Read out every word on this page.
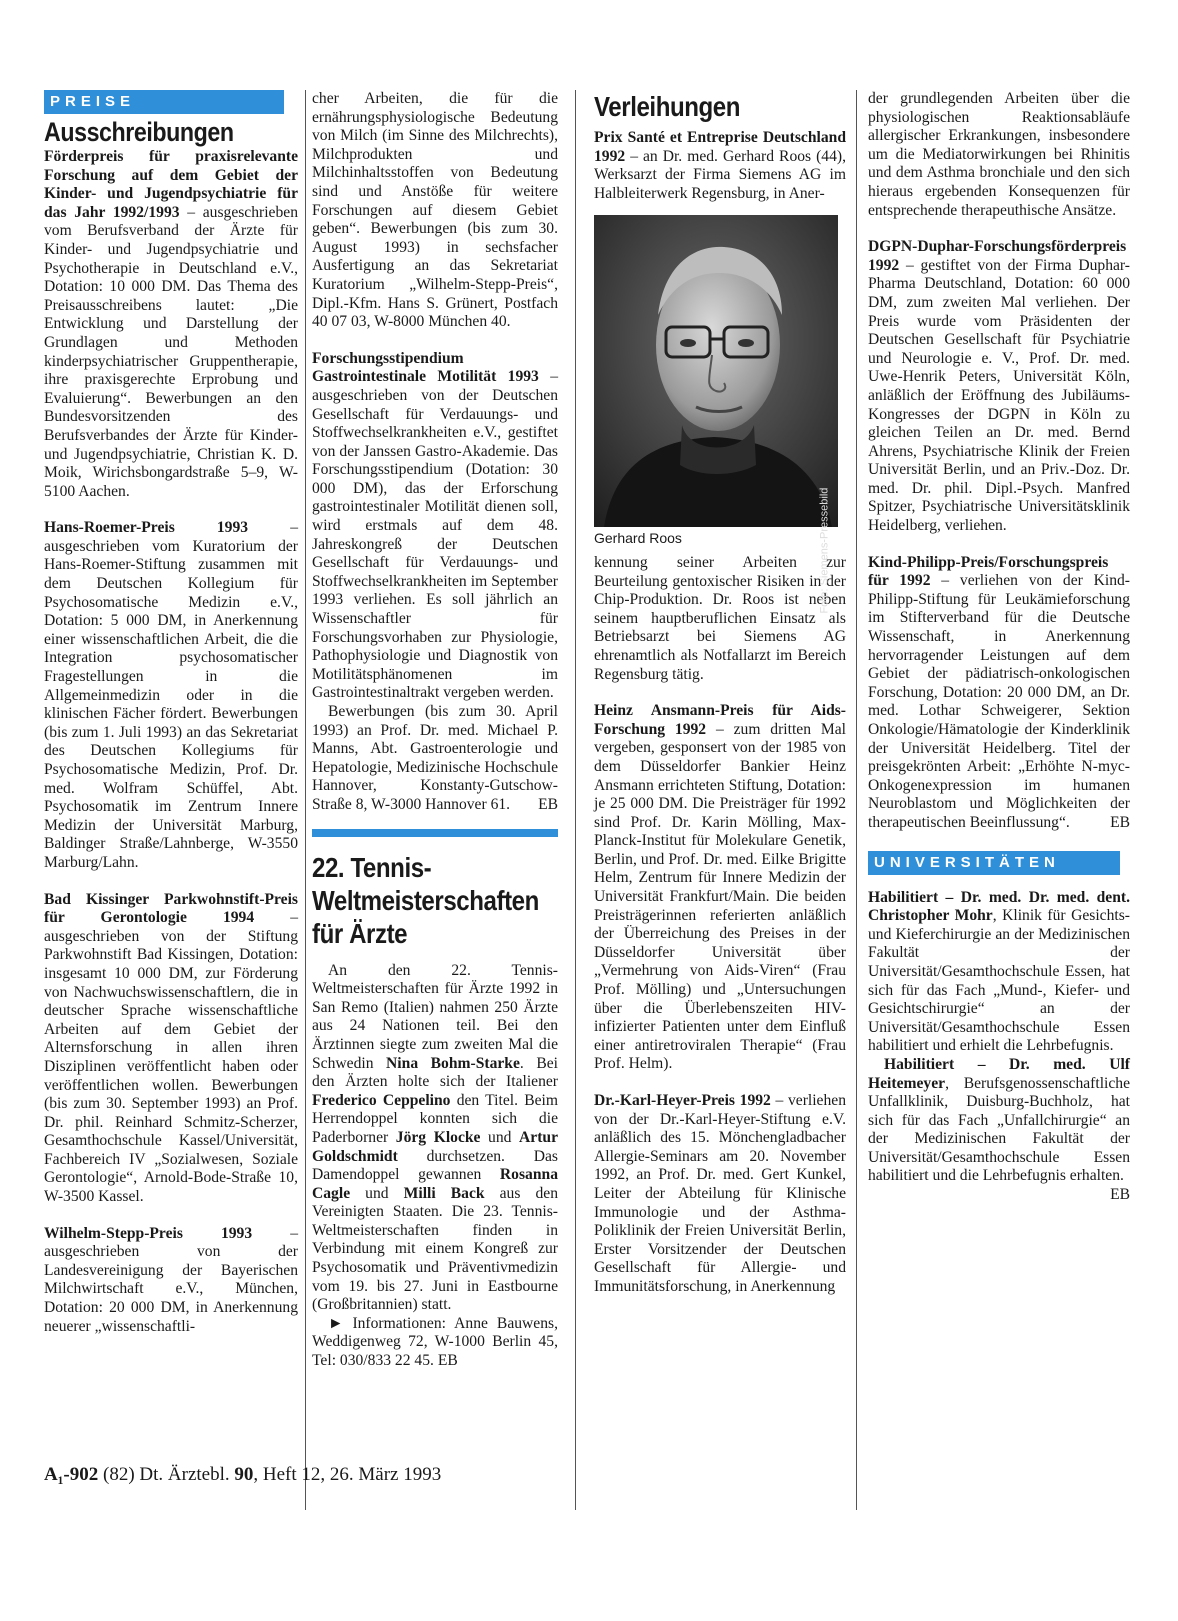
PREISE
Ausschreibungen

Förderpreis für praxisrelevante Forschung auf dem Gebiet der Kinder- und Jugendpsychiatrie für das Jahr 1992/1993 – ausgeschrieben vom Berufsverband der Ärzte für Kinder- und Jugendpsychiatrie und Psychotherapie in Deutschland e.V., Dotation: 10 000 DM. Das Thema des Preisausschreibens lautet: „Die Entwicklung und Darstellung der Grundlagen und Methoden kinderpsychiatrischer Gruppentherapie, ihre praxisgerechte Erprobung und Evaluierung“. Bewerbungen an den Bundesvorsitzenden des Berufsverbandes der Ärzte für Kinder- und Jugendpsychiatrie, Christian K. D. Moik, Wirichsbongardstraße 5–9, W-5100 Aachen.

Hans-Roemer-Preis 1993 – ausgeschrieben vom Kuratorium der Hans-Roemer-Stiftung zusammen mit dem Deutschen Kollegium für Psychosomatische Medizin e.V., Dotation: 5 000 DM, in Anerkennung einer wissenschaftlichen Arbeit, die die Integration psychosomatischer Fragestellungen in die Allgemeinmedizin oder in die klinischen Fächer fördert. Bewerbungen (bis zum 1. Juli 1993) an das Sekretariat des Deutschen Kollegiums für Psychosomatische Medizin, Prof. Dr. med. Wolfram Schüffel, Abt. Psychosomatik im Zentrum Innere Medizin der Universität Marburg, Baldinger Straße/Lahnberge, W-3550 Marburg/Lahn.

Bad Kissinger Parkwohnstift-Preis für Gerontologie 1994 – ausgeschrieben von der Stiftung Parkwohnstift Bad Kissingen, Dotation: insgesamt 10 000 DM, zur Förderung von Nachwuchswissenschaftlern, die in deutscher Sprache wissenschaftliche Arbeiten auf dem Gebiet der Alternsforschung in allen ihren Disziplinen veröffentlicht haben oder veröffentlichen wollen. Bewerbungen (bis zum 30. September 1993) an Prof. Dr. phil. Reinhard Schmitz-Scherzer, Gesamthochschule Kassel/Universität, Fachbereich IV „Sozialwesen, Soziale Gerontologie“, Arnold-Bode-Straße 10, W-3500 Kassel.

Wilhelm-Stepp-Preis 1993 – ausgeschrieben von der Landesvereinigung der Bayerischen Milchwirtschaft e.V., München, Dotation: 20 000 DM, in Anerkennung neuerer „wissenschaftli-

cher Arbeiten, die für die ernährungsphysiologische Bedeutung von Milch (im Sinne des Milchrechts), Milchprodukten und Milchinhaltsstoffen von Bedeutung sind und Anstöße für weitere Forschungen auf diesem Gebiet geben“. Bewerbungen (bis zum 30. August 1993) in sechsfacher Ausfertigung an das Sekretariat Kuratorium „Wilhelm-Stepp-Preis“, Dipl.-Kfm. Hans S. Grünert, Postfach 40 07 03, W-8000 München 40.

Forschungsstipendium Gastrointestinale Motilität 1993 – ausgeschrieben von der Deutschen Gesellschaft für Verdauungs- und Stoffwechselkrankheiten e.V., gestiftet von der Janssen Gastro-Akademie. Das Forschungsstipendium (Dotation: 30 000 DM), das der Erforschung gastrointestinaler Motilität dienen soll, wird erstmals auf dem 48. Jahreskongreß der Deutschen Gesellschaft für Verdauungs- und Stoffwechselkrankheiten im September 1993 verliehen. Es soll jährlich an Wissenschaftler für Forschungsvorhaben zur Physiologie, Pathophysiologie und Diagnostik von Motilitätsphänomenen im Gastrointestinaltrakt vergeben werden.

Bewerbungen (bis zum 30. April 1993) an Prof. Dr. med. Michael P. Manns, Abt. Gastroenterologie und Hepatologie, Medizinische Hochschule Hannover, Konstanty-Gutschow-Straße 8, W-3000 Hannover 61.	EB

22. Tennis-
Weltmeisterschaften
für Ärzte

An den 22. Tennis-Weltmeisterschaften für Ärzte 1992 in San Remo (Italien) nahmen 250 Ärzte aus 24 Nationen teil. Bei den Ärztinnen siegte zum zweiten Mal die Schwedin Nina Bohm-Starke. Bei den Ärzten holte sich der Italiener Frederico Ceppelino den Titel. Beim Herrendoppel konnten sich die Paderborner Jörg Klocke und Artur Goldschmidt durchsetzen. Das Damendoppel gewannen Rosanna Cagle und Milli Back aus den Vereinigten Staaten. Die 23. Tennis-Weltmeisterschaften finden in Verbindung mit einem Kongreß zur Psychosomatik und Präventivmedizin vom 19. bis 27. Juni in Eastbourne (Großbritannien) statt.

► Informationen: Anne Bauwens, Weddigenweg 72, W-1000 Berlin 45, Tel: 030/833 22 45. EB

Verleihungen

Prix Santé et Entreprise Deutschland 1992 – an Dr. med. Gerhard Roos (44), Werksarzt der Firma Siemens AG im Halbleiterwerk Regensburg, in Aner-

Foto: Siemens-Pressebild
Gerhard Roos

kennung seiner Arbeiten zur Beurteilung gentoxischer Risiken in der Chip-Produktion. Dr. Roos ist neben seinem hauptberuflichen Einsatz als Betriebsarzt bei Siemens AG ehrenamtlich als Notfallarzt im Bereich Regensburg tätig.

Heinz Ansmann-Preis für Aids-Forschung 1992 – zum dritten Mal vergeben, gesponsert von der 1985 von dem Düsseldorfer Bankier Heinz Ansmann errichteten Stiftung, Dotation: je 25 000 DM. Die Preisträger für 1992 sind Prof. Dr. Karin Mölling, Max-Planck-Institut für Molekulare Genetik, Berlin, und Prof. Dr. med. Eilke Brigitte Helm, Zentrum für Innere Medizin der Universität Frankfurt/Main. Die beiden Preisträgerinnen referierten anläßlich der Überreichung des Preises in der Düsseldorfer Universität über „Vermehrung von Aids-Viren“ (Frau Prof. Mölling) und „Untersuchungen über die Überlebenszeiten HIV-infizierter Patienten unter dem Einfluß einer antiretroviralen Therapie“ (Frau Prof. Helm).

Dr.-Karl-Heyer-Preis 1992 – verliehen von der Dr.-Karl-Heyer-Stiftung e.V. anläßlich des 15. Mönchengladbacher Allergie-Seminars am 20. November 1992, an Prof. Dr. med. Gert Kunkel, Leiter der Abteilung für Klinische Immunologie und der Asthma-Poliklinik der Freien Universität Berlin, Erster Vorsitzender der Deutschen Gesellschaft für Allergie- und Immunitätsforschung, in Anerkennung

der grundlegenden Arbeiten über die physiologischen Reaktionsabläufe allergischer Erkrankungen, insbesondere um die Mediatorwirkungen bei Rhinitis und dem Asthma bronchiale und den sich hieraus ergebenden Konsequenzen für entsprechende therapeuthische Ansätze.

DGPN-Duphar-Forschungsförderpreis 1992 – gestiftet von der Firma Duphar-Pharma Deutschland, Dotation: 60 000 DM, zum zweiten Mal verliehen. Der Preis wurde vom Präsidenten der Deutschen Gesellschaft für Psychiatrie und Neurologie e. V., Prof. Dr. med. Uwe-Henrik Peters, Universität Köln, anläßlich der Eröffnung des Jubiläums-Kongresses der DGPN in Köln zu gleichen Teilen an Dr. med. Bernd Ahrens, Psychiatrische Klinik der Freien Universität Berlin, und an Priv.-Doz. Dr. med. Dr. phil. Dipl.-Psych. Manfred Spitzer, Psychiatrische Universitätsklinik Heidelberg, verliehen.

Kind-Philipp-Preis/Forschungspreis für 1992 – verliehen von der Kind-Philipp-Stiftung für Leukämieforschung im Stifterverband für die Deutsche Wissenschaft, in Anerkennung hervorragender Leistungen auf dem Gebiet der pädiatrisch-onkologischen Forschung, Dotation: 20 000 DM, an Dr. med. Lothar Schweigerer, Sektion Onkologie/Hämatologie der Kinderklinik der Universität Heidelberg. Titel der preisgekrönten Arbeit: „Erhöhte N-myc-Onkogenexpression im humanen Neuroblastom und Möglichkeiten der therapeutischen Beeinflussung“.	EB

UNIVERSITÄTEN

Habilitiert – Dr. med. Dr. med. dent. Christopher Mohr, Klinik für Gesichts- und Kieferchirurgie an der Medizinischen Fakultät der Universität/Gesamthochschule Essen, hat sich für das Fach „Mund-, Kiefer- und Gesichtschirurgie“ an der Universität/Gesamthochschule Essen habilitiert und erhielt die Lehrbefugnis.

Habilitiert – Dr. med. Ulf Heitemeyer, Berufsgenossenschaftliche Unfallklinik, Duisburg-Buchholz, hat sich für das Fach „Unfallchirurgie“ an der Medizinischen Fakultät der Universität/Gesamthochschule Essen habilitiert und die Lehrbefugnis erhalten.
EB

A₁-902 (82) Dt. Ärztebl. 90, Heft 12, 26. März 1993
